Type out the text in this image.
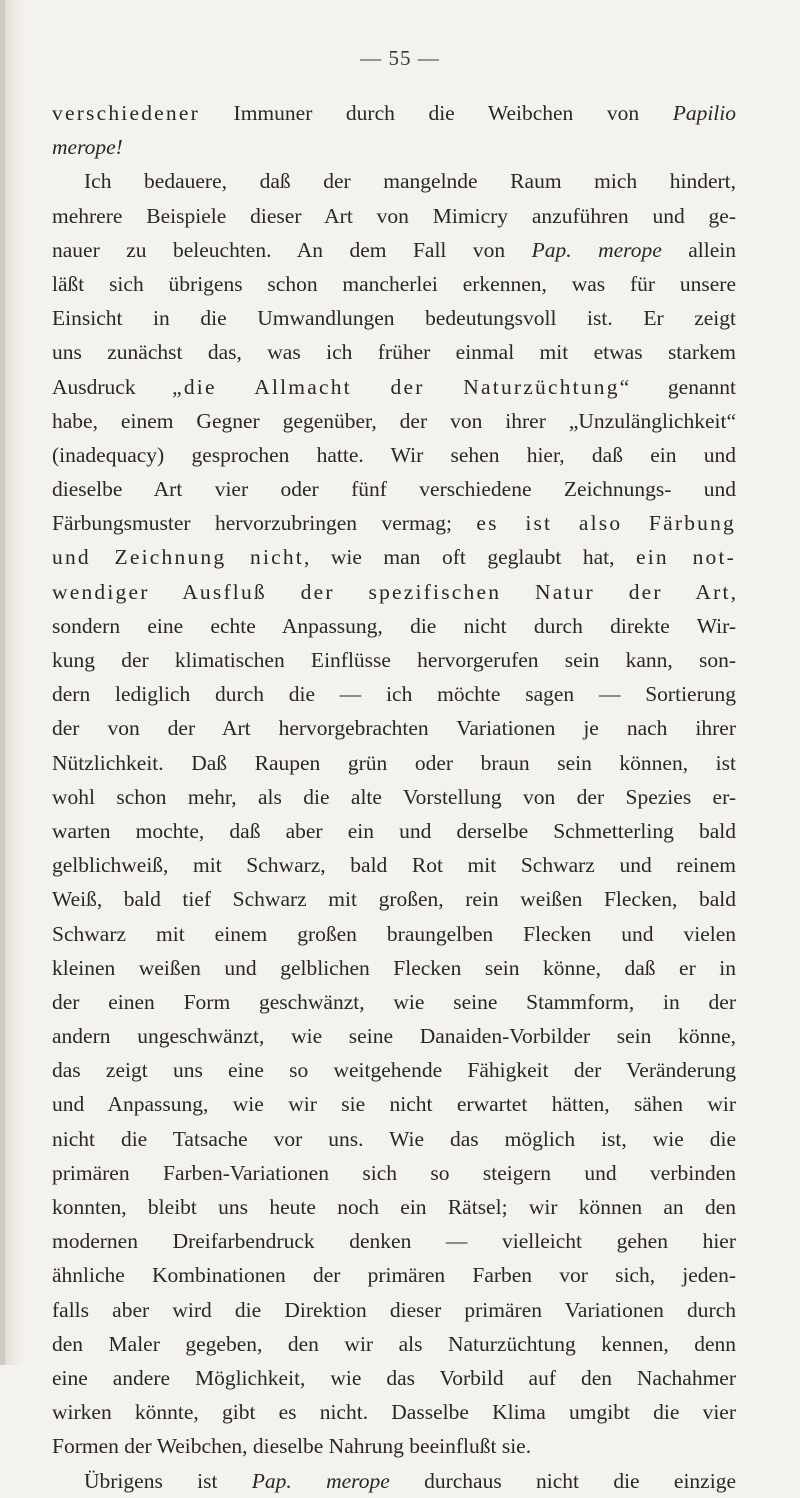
— 55 —
verschiedener Immuner durch die Weibchen von Papilio
merope!
Ich bedauere, daß der mangelnde Raum mich hindert,
mehrere Beispiele dieser Art von Mimicry anzuführen und ge-
nauer zu beleuchten. An dem Fall von Pap. merope allein
läßt sich übrigens schon mancherlei erkennen, was für unsere
Einsicht in die Umwandlungen bedeutungsvoll ist. Er zeigt
uns zunächst das, was ich früher einmal mit etwas starkem
Ausdruck „die Allmacht der Naturzüchtung“ genannt
habe, einem Gegner gegenüber, der von ihrer „Unzulänglichkeit“
(inadequacy) gesprochen hatte. Wir sehen hier, daß ein und
dieselbe Art vier oder fünf verschiedene Zeichnungs- und
Färbungsmuster hervorzubringen vermag; es ist also Färbung
und Zeichnung nicht, wie man oft geglaubt hat, ein not-
wendiger Ausfluß der spezifischen Natur der Art,
sondern eine echte Anpassung, die nicht durch direkte Wir-
kung der klimatischen Einflüsse hervorgerufen sein kann, son-
dern lediglich durch die — ich möchte sagen — Sortierung
der von der Art hervorgebrachten Variationen je nach ihrer
Nützlichkeit. Daß Raupen grün oder braun sein können, ist
wohl schon mehr, als die alte Vorstellung von der Spezies er-
warten mochte, daß aber ein und derselbe Schmetterling bald
gelblichweiß, mit Schwarz, bald Rot mit Schwarz und reinem
Weiß, bald tief Schwarz mit großen, rein weißen Flecken, bald
Schwarz mit einem großen braungelben Flecken und vielen
kleinen weißen und gelblichen Flecken sein könne, daß er in
der einen Form geschwänzt, wie seine Stammform, in der
andern ungeschwänzt, wie seine Danaiden-Vorbilder sein könne,
das zeigt uns eine so weitgehende Fähigkeit der Veränderung
und Anpassung, wie wir sie nicht erwartet hätten, sähen wir
nicht die Tatsache vor uns. Wie das möglich ist, wie die
primären Farben-Variationen sich so steigern und verbinden
konnten, bleibt uns heute noch ein Rätsel; wir können an den
modernen Dreifarbendruck denken — vielleicht gehen hier
ähnliche Kombinationen der primären Farben vor sich, jeden-
falls aber wird die Direktion dieser primären Variationen durch
den Maler gegeben, den wir als Naturzüchtung kennen, denn
eine andere Möglichkeit, wie das Vorbild auf den Nachahmer
wirken könnte, gibt es nicht. Dasselbe Klima umgibt die vier
Formen der Weibchen, dieselbe Nahrung beeinflußt sie.
Übrigens ist Pap. merope durchaus nicht die einzige
